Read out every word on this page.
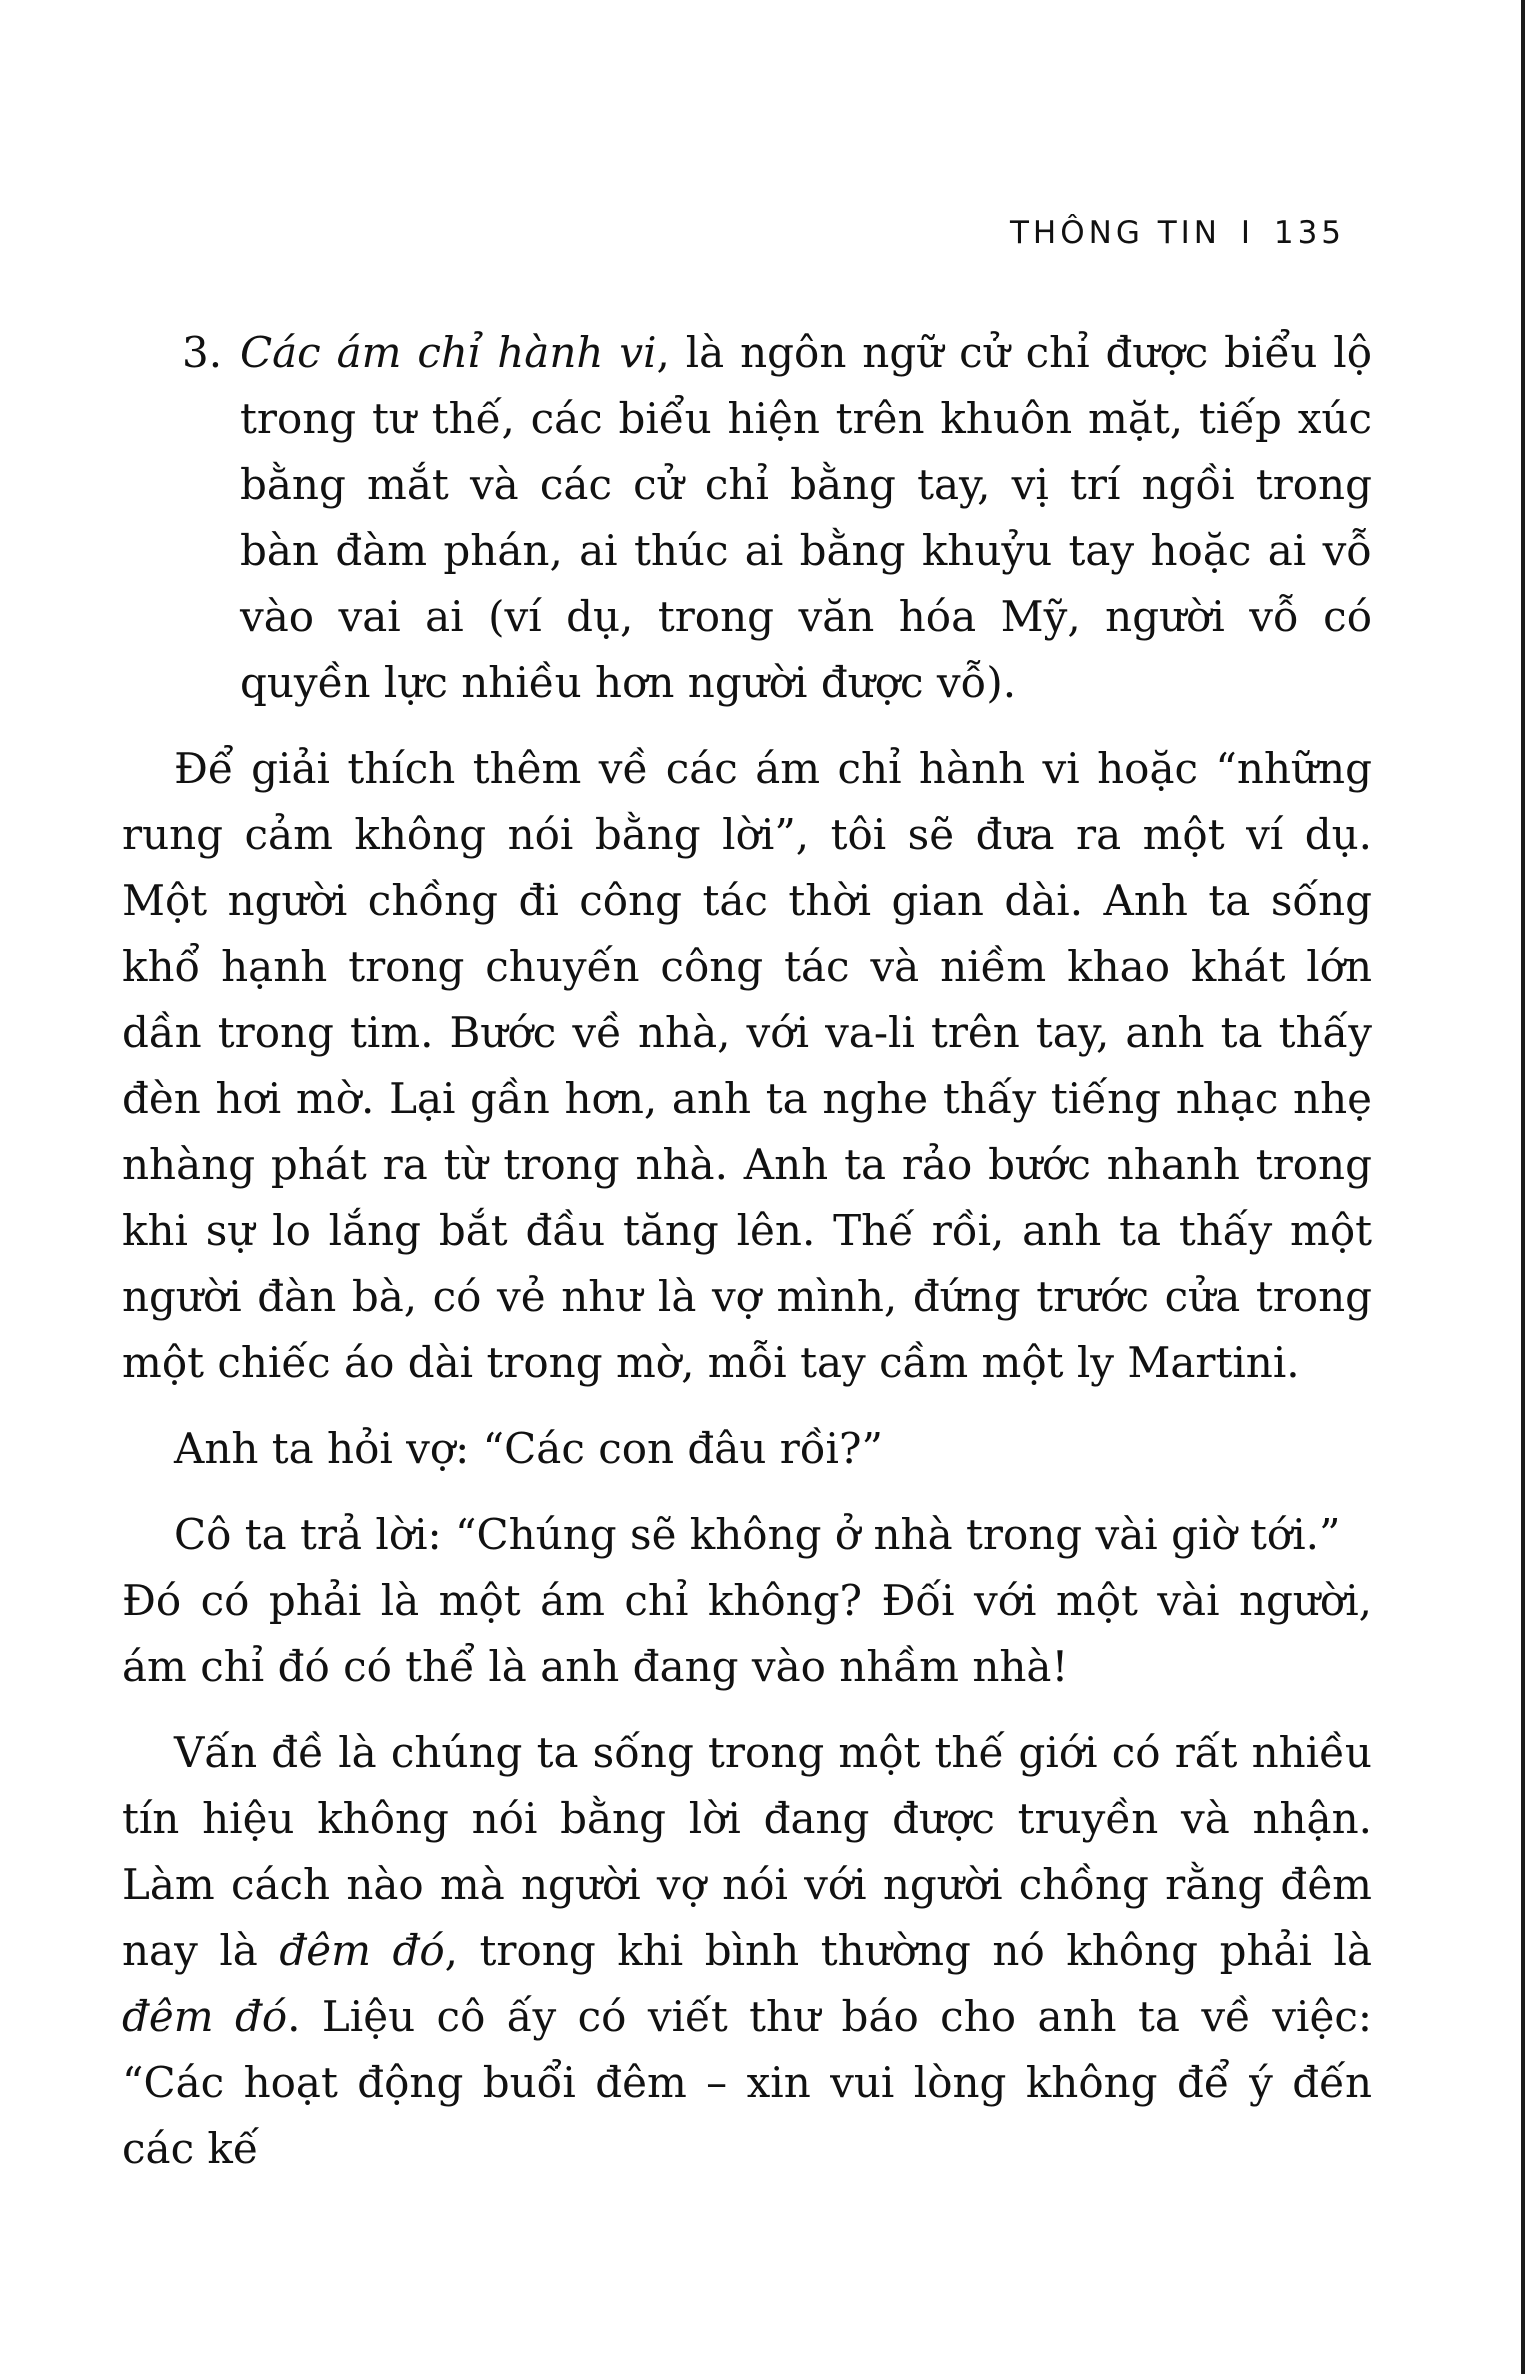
THÔNG TIN I 135
3. Các ám chỉ hành vi, là ngôn ngữ cử chỉ được biểu lộ trong tư thế, các biểu hiện trên khuôn mặt, tiếp xúc bằng mắt và các cử chỉ bằng tay, vị trí ngồi trong bàn đàm phán, ai thúc ai bằng khuỷu tay hoặc ai vỗ vào vai ai (ví dụ, trong văn hóa Mỹ, người vỗ có quyền lực nhiều hơn người được vỗ).

Để giải thích thêm về các ám chỉ hành vi hoặc “những rung cảm không nói bằng lời”, tôi sẽ đưa ra một ví dụ. Một người chồng đi công tác thời gian dài. Anh ta sống khổ hạnh trong chuyến công tác và niềm khao khát lớn dần trong tim. Bước về nhà, với va-li trên tay, anh ta thấy đèn hơi mờ. Lại gần hơn, anh ta nghe thấy tiếng nhạc nhẹ nhàng phát ra từ trong nhà. Anh ta rảo bước nhanh trong khi sự lo lắng bắt đầu tăng lên. Thế rồi, anh ta thấy một người đàn bà, có vẻ như là vợ mình, đứng trước cửa trong một chiếc áo dài trong mờ, mỗi tay cầm một ly Martini.

Anh ta hỏi vợ: “Các con đâu rồi?”

Cô ta trả lời: “Chúng sẽ không ở nhà trong vài giờ tới.”

Đó có phải là một ám chỉ không? Đối với một vài người, ám chỉ đó có thể là anh đang vào nhầm nhà!

Vấn đề là chúng ta sống trong một thế giới có rất nhiều tín hiệu không nói bằng lời đang được truyền và nhận. Làm cách nào mà người vợ nói với người chồng rằng đêm nay là đêm đó, trong khi bình thường nó không phải là đêm đó. Liệu cô ấy có viết thư báo cho anh ta về việc: “Các hoạt động buổi đêm – xin vui lòng không để ý đến các kế
